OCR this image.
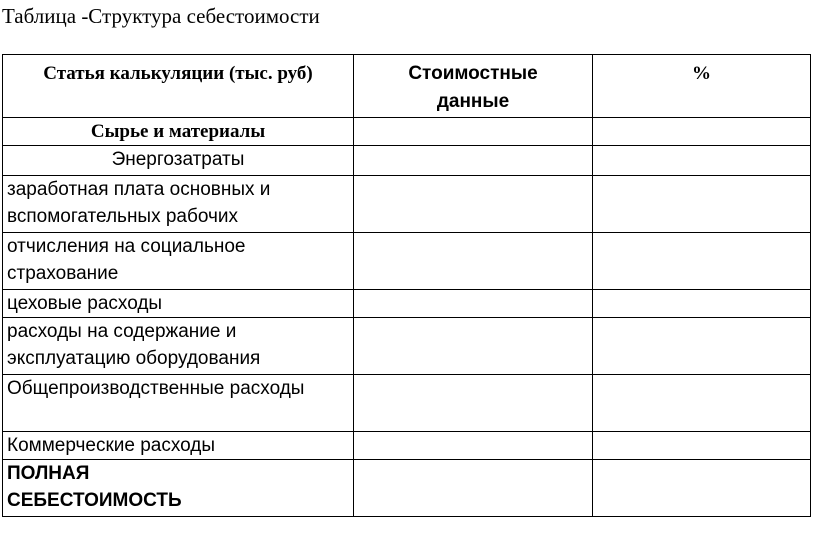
Таблица -Структура себестоимости
Статья калькуляции (тыс. руб)	Стоимостные данные	%
Сырье и материалы		
Энергозатраты		
заработная плата основных и вспомогательных рабочих		
отчисления на социальное страхование		
цеховые расходы		
расходы на содержание и эксплуатацию оборудования		
Общепроизводственные расходы		
Коммерческие расходы		
ПОЛНАЯ СЕБЕСТОИМОСТЬ		
